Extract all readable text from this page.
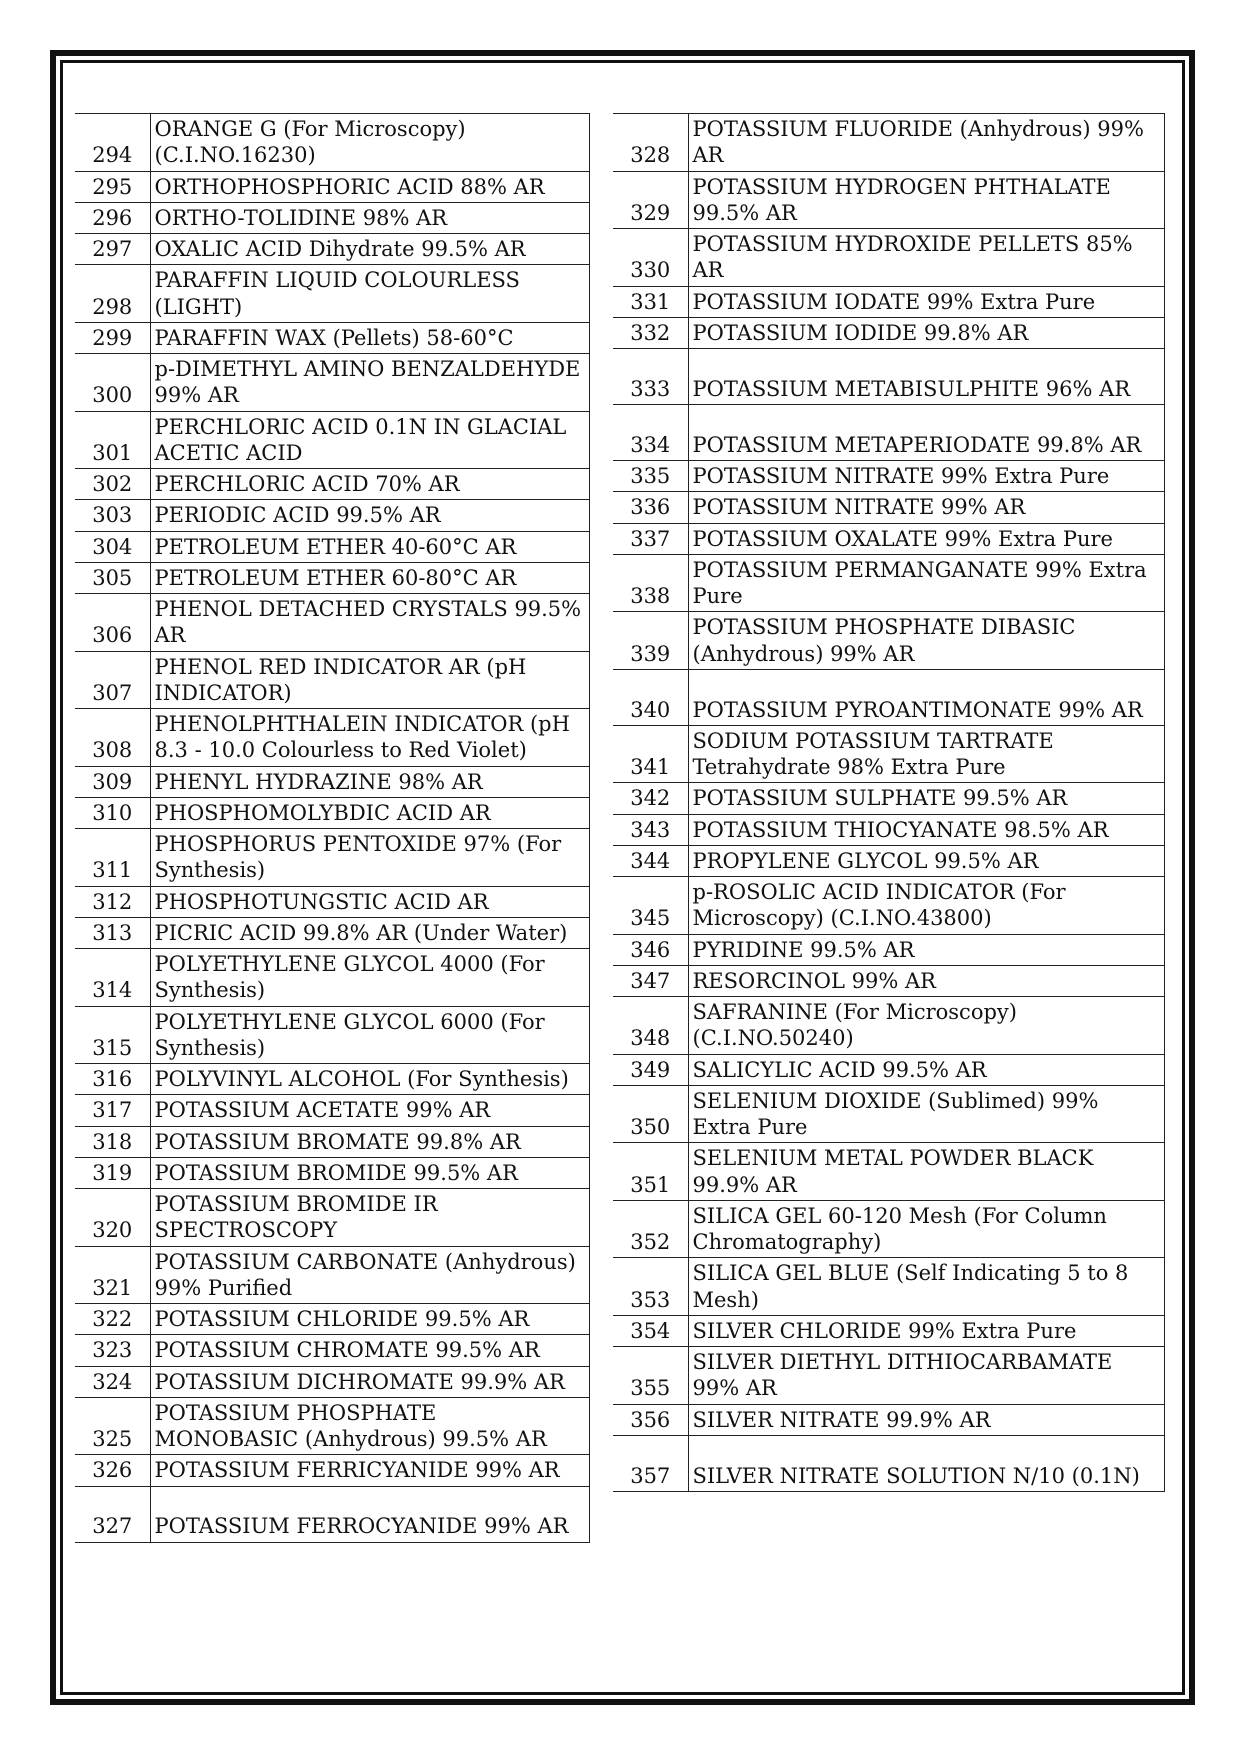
294	ORANGE G (For Microscopy) (C.I.NO.16230)
295	ORTHOPHOSPHORIC ACID 88% AR
296	ORTHO-TOLIDINE 98% AR
297	OXALIC ACID Dihydrate 99.5% AR
298	PARAFFIN LIQUID COLOURLESS (LIGHT)
299	PARAFFIN WAX (Pellets) 58-60°C
300	p-DIMETHYL AMINO BENZALDEHYDE 99% AR
301	PERCHLORIC ACID 0.1N IN GLACIAL ACETIC ACID
302	PERCHLORIC ACID 70% AR
303	PERIODIC ACID 99.5% AR
304	PETROLEUM ETHER 40-60°C AR
305	PETROLEUM ETHER 60-80°C AR
306	PHENOL DETACHED CRYSTALS 99.5% AR
307	PHENOL RED INDICATOR AR (pH INDICATOR)
308	PHENOLPHTHALEIN INDICATOR (pH 8.3 - 10.0 Colourless to Red Violet)
309	PHENYL HYDRAZINE 98% AR
310	PHOSPHOMOLYBDIC ACID AR
311	PHOSPHORUS PENTOXIDE 97% (For Synthesis)
312	PHOSPHOTUNGSTIC ACID AR
313	PICRIC ACID 99.8% AR (Under Water)
314	POLYETHYLENE GLYCOL 4000 (For Synthesis)
315	POLYETHYLENE GLYCOL 6000 (For Synthesis)
316	POLYVINYL ALCOHOL (For Synthesis)
317	POTASSIUM ACETATE 99% AR
318	POTASSIUM BROMATE 99.8% AR
319	POTASSIUM BROMIDE 99.5% AR
320	POTASSIUM BROMIDE IR SPECTROSCOPY
321	POTASSIUM CARBONATE (Anhydrous) 99% Purified
322	POTASSIUM CHLORIDE 99.5% AR
323	POTASSIUM CHROMATE 99.5% AR
324	POTASSIUM DICHROMATE 99.9% AR
325	POTASSIUM PHOSPHATE MONOBASIC (Anhydrous) 99.5% AR
326	POTASSIUM FERRICYANIDE 99% AR
327	POTASSIUM FERROCYANIDE 99% AR
328	POTASSIUM FLUORIDE (Anhydrous) 99% AR
329	POTASSIUM HYDROGEN PHTHALATE 99.5% AR
330	POTASSIUM HYDROXIDE PELLETS 85% AR
331	POTASSIUM IODATE 99% Extra Pure
332	POTASSIUM IODIDE 99.8% AR
333	POTASSIUM METABISULPHITE 96% AR
334	POTASSIUM METAPERIODATE 99.8% AR
335	POTASSIUM NITRATE 99% Extra Pure
336	POTASSIUM NITRATE 99% AR
337	POTASSIUM OXALATE 99% Extra Pure
338	POTASSIUM PERMANGANATE 99% Extra Pure
339	POTASSIUM PHOSPHATE DIBASIC (Anhydrous) 99% AR
340	POTASSIUM PYROANTIMONATE 99% AR
341	SODIUM POTASSIUM TARTRATE Tetrahydrate 98% Extra Pure
342	POTASSIUM SULPHATE 99.5% AR
343	POTASSIUM THIOCYANATE 98.5% AR
344	PROPYLENE GLYCOL 99.5% AR
345	p-ROSOLIC ACID INDICATOR (For Microscopy) (C.I.NO.43800)
346	PYRIDINE 99.5% AR
347	RESORCINOL 99% AR
348	SAFRANINE (For Microscopy) (C.I.NO.50240)
349	SALICYLIC ACID 99.5% AR
350	SELENIUM DIOXIDE (Sublimed) 99% Extra Pure
351	SELENIUM METAL POWDER BLACK 99.9% AR
352	SILICA GEL 60-120 Mesh (For Column Chromatography)
353	SILICA GEL BLUE (Self Indicating 5 to 8 Mesh)
354	SILVER CHLORIDE 99% Extra Pure
355	SILVER DIETHYL DITHIOCARBAMATE 99% AR
356	SILVER NITRATE 99.9% AR
357	SILVER NITRATE SOLUTION N/10 (0.1N)
